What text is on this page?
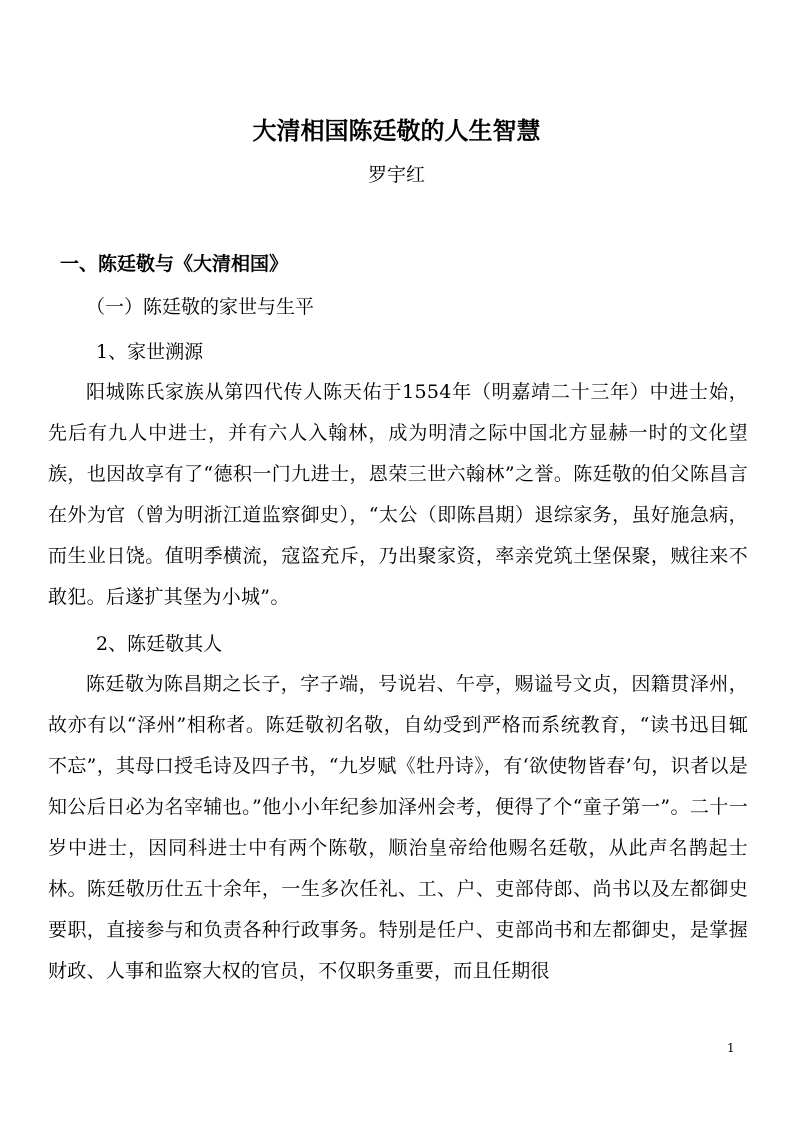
大清相国陈廷敬的人生智慧
罗宇红
一、陈廷敬与《大清相国》
（一）陈廷敬的家世与生平
1、家世溯源
阳城陈氏家族从第四代传人陈天佑于1554年（明嘉靖二十三年）中进士始，先后有九人中进士，并有六人入翰林，成为明清之际中国北方显赫一时的文化望族，也因故享有了“德积一门九进士，恩荣三世六翰林”之誉。陈廷敬的伯父陈昌言在外为官（曾为明浙江道监察御史），“太公（即陈昌期）退综家务，虽好施急病，而生业日饶。值明季横流，寇盗充斥，乃出聚家资，率亲党筑土堡保聚，贼往来不敢犯。后遂扩其堡为小城”。
2、陈廷敬其人
陈廷敬为陈昌期之长子，字子端，号说岩、午亭，赐谥号文贞，因籍贯泽州，故亦有以“泽州”相称者。陈廷敬初名敬，自幼受到严格而系统教育，“读书迅目辄不忘”，其母口授毛诗及四子书，“九岁赋《牡丹诗》，有‘欲使物皆春’句，识者以是知公后日必为名宰辅也。”他小小年纪参加泽州会考，便得了个“童子第一”。二十一岁中进士，因同科进士中有两个陈敬，顺治皇帝给他赐名廷敬，从此声名鹊起士林。陈廷敬历仕五十余年，一生多次任礼、工、户、吏部侍郎、尚书以及左都御史要职，直接参与和负责各种行政事务。特别是任户、吏部尚书和左都御史，是掌握财政、人事和监察大权的官员，不仅职务重要，而且任期很
1
